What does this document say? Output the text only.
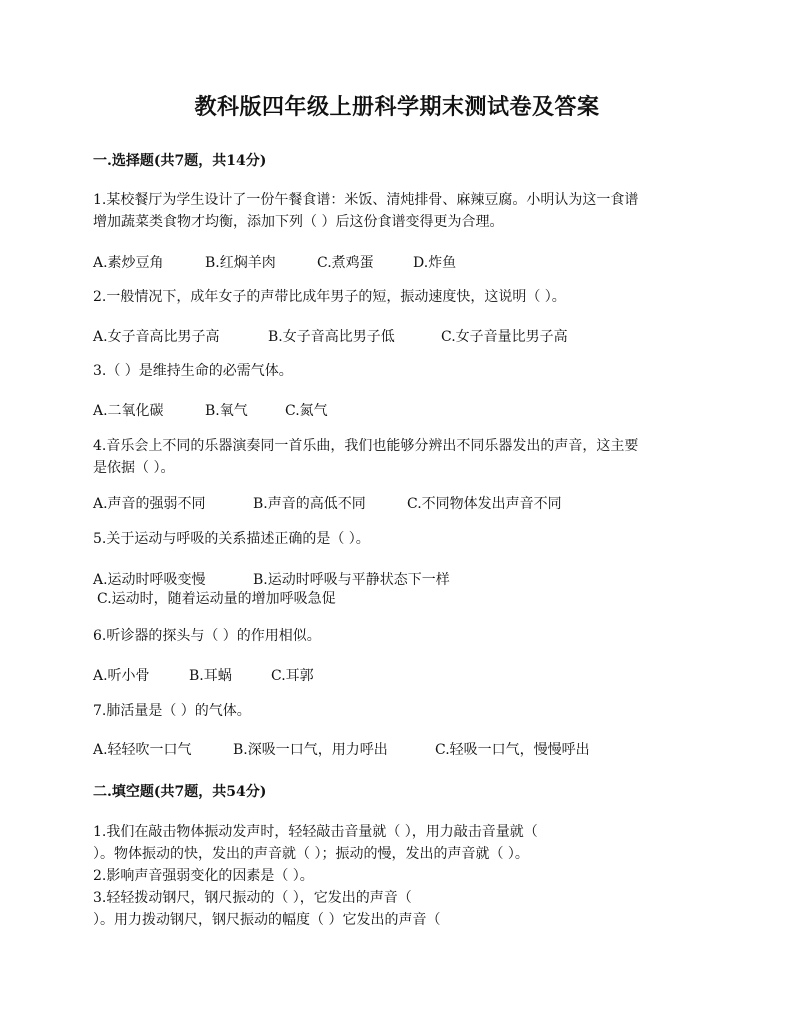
教科版四年级上册科学期末测试卷及答案
一.选择题(共7题，共14分)
1.某校餐厅为学生设计了一份午餐食谱：米饭、清炖排骨、麻辣豆腐。小明认为这一食谱
增加蔬菜类食物才均衡，添加下列（ ）后这份食谱变得更为合理。
A.素炒豆角	B.红焖羊肉	C.煮鸡蛋	D.炸鱼
2.一般情况下，成年女子的声带比成年男子的短，振动速度快，这说明（ ）。
A.女子音高比男子高	B.女子音高比男子低	C.女子音量比男子高
3.（ ）是维持生命的必需气体。
A.二氧化碳	B.氧气	C.氮气
4.音乐会上不同的乐器演奏同一首乐曲，我们也能够分辨出不同乐器发出的声音，这主要
是依据（ ）。
A.声音的强弱不同	B.声音的高低不同	C.不同物体发出声音不同
5.关于运动与呼吸的关系描述正确的是（ ）。
A.运动时呼吸变慢	B.运动时呼吸与平静状态下一样
C.运动时，随着运动量的增加呼吸急促
6.听诊器的探头与（ ）的作用相似。
A.听小骨	B.耳蜗	C.耳郭
7.肺活量是（ ）的气体。
A.轻轻吹一口气	B.深吸一口气，用力呼出	C.轻吸一口气，慢慢呼出
二.填空题(共7题，共54分)
1.我们在敲击物体振动发声时，轻轻敲击音量就（ ），用力敲击音量就（
）。物体振动的快，发出的声音就（ ）；振动的慢，发出的声音就（ ）。
2.影响声音强弱变化的因素是（ ）。
3.轻轻拨动钢尺，钢尺振动的（ ），它发出的声音（
）。用力拨动钢尺，钢尺振动的幅度（ ）它发出的声音（
